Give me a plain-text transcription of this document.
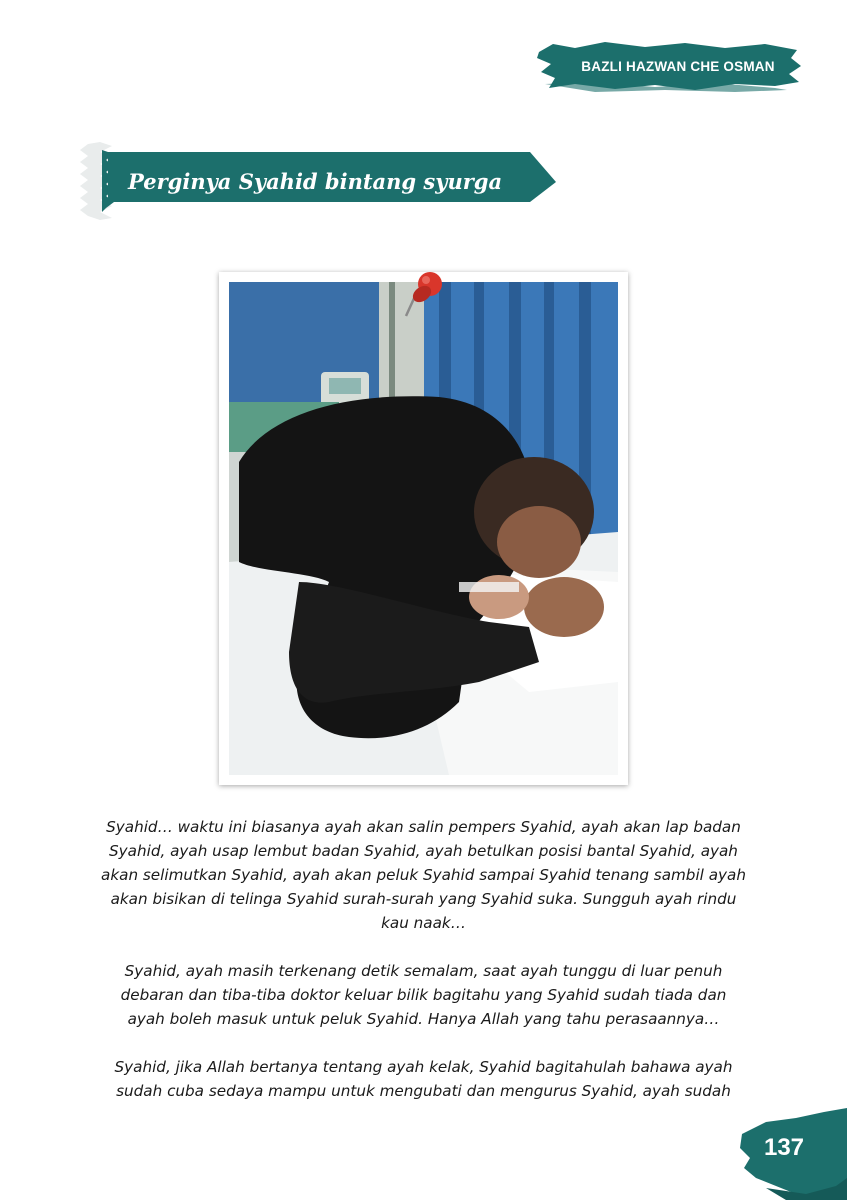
BAZLI HAZWAN CHE OSMAN
Perginya Syahid bintang syurga

Syahid… waktu ini biasanya ayah akan salin pempers Syahid, ayah akan lap badan Syahid, ayah usap lembut badan Syahid, ayah betulkan posisi bantal Syahid, ayah akan selimutkan Syahid, ayah akan peluk Syahid sampai Syahid tenang sambil ayah akan bisikan di telinga Syahid surah-surah yang Syahid suka. Sungguh ayah rindu kau naak…

Syahid, ayah masih terkenang detik semalam, saat ayah tunggu di luar penuh debaran dan tiba-tiba doktor keluar bilik bagitahu yang Syahid sudah tiada dan ayah boleh masuk untuk peluk Syahid. Hanya Allah yang tahu perasaannya…

Syahid, jika Allah bertanya tentang ayah kelak, Syahid bagitahulah bahawa ayah sudah cuba sedaya mampu untuk mengubati dan mengurus Syahid, ayah sudah

137
